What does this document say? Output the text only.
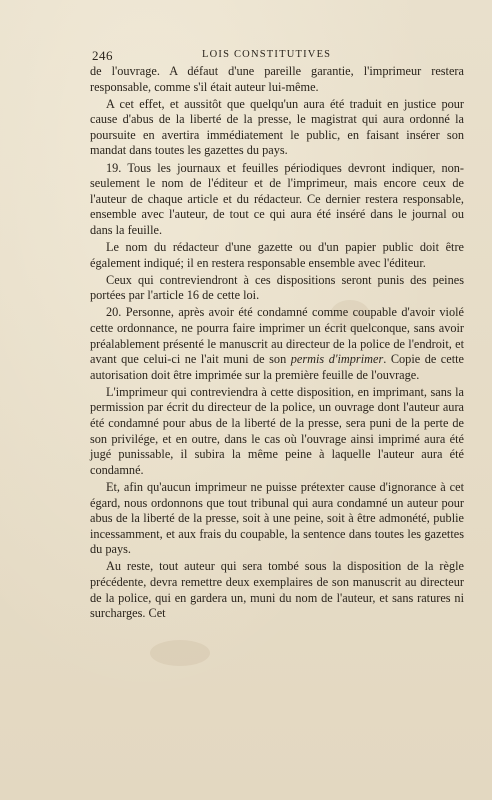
246	LOIS CONSTITUTIVES

de l'ouvrage. A défaut d'une pareille garantie, l'imprimeur restera responsable, comme s'il était auteur lui-même.

A cet effet, et aussitôt que quelqu'un aura été traduit en justice pour cause d'abus de la liberté de la presse, le magistrat qui aura ordonné la poursuite en avertira immédiatement le public, en faisant insérer son mandat dans toutes les gazettes du pays.

19. Tous les journaux et feuilles périodiques devront indiquer, non-seulement le nom de l'éditeur et de l'imprimeur, mais encore ceux de l'auteur de chaque article et du rédacteur. Ce dernier restera responsable, ensemble avec l'auteur, de tout ce qui aura été inséré dans le journal ou dans la feuille.

Le nom du rédacteur d'une gazette ou d'un papier public doit être également indiqué; il en restera responsable ensemble avec l'éditeur.

Ceux qui contreviendront à ces dispositions seront punis des peines portées par l'article 16 de cette loi.

20. Personne, après avoir été condamné comme coupable d'avoir violé cette ordonnance, ne pourra faire imprimer un écrit quelconque, sans avoir préalablement présenté le manuscrit au directeur de la police de l'endroit, et avant que celui-ci ne l'ait muni de son permis d'imprimer. Copie de cette autorisation doit être imprimée sur la première feuille de l'ouvrage.

L'imprimeur qui contreviendra à cette disposition, en imprimant, sans la permission par écrit du directeur de la police, un ouvrage dont l'auteur aura été condamné pour abus de la liberté de la presse, sera puni de la perte de son privilége, et en outre, dans le cas où l'ouvrage ainsi imprimé aura été jugé punissable, il subira la même peine à laquelle l'auteur aura été condamné.

Et, afin qu'aucun imprimeur ne puisse prétexter cause d'ignorance à cet égard, nous ordonnons que tout tribunal qui aura condamné un auteur pour abus de la liberté de la presse, soit à une peine, soit à être admonété, publie incessamment, et aux frais du coupable, la sentence dans toutes les gazettes du pays.

Au reste, tout auteur qui sera tombé sous la disposition de la règle précédente, devra remettre deux exemplaires de son manuscrit au directeur de la police, qui en gardera un, muni du nom de l'auteur, et sans ratures ni surcharges. Cet
